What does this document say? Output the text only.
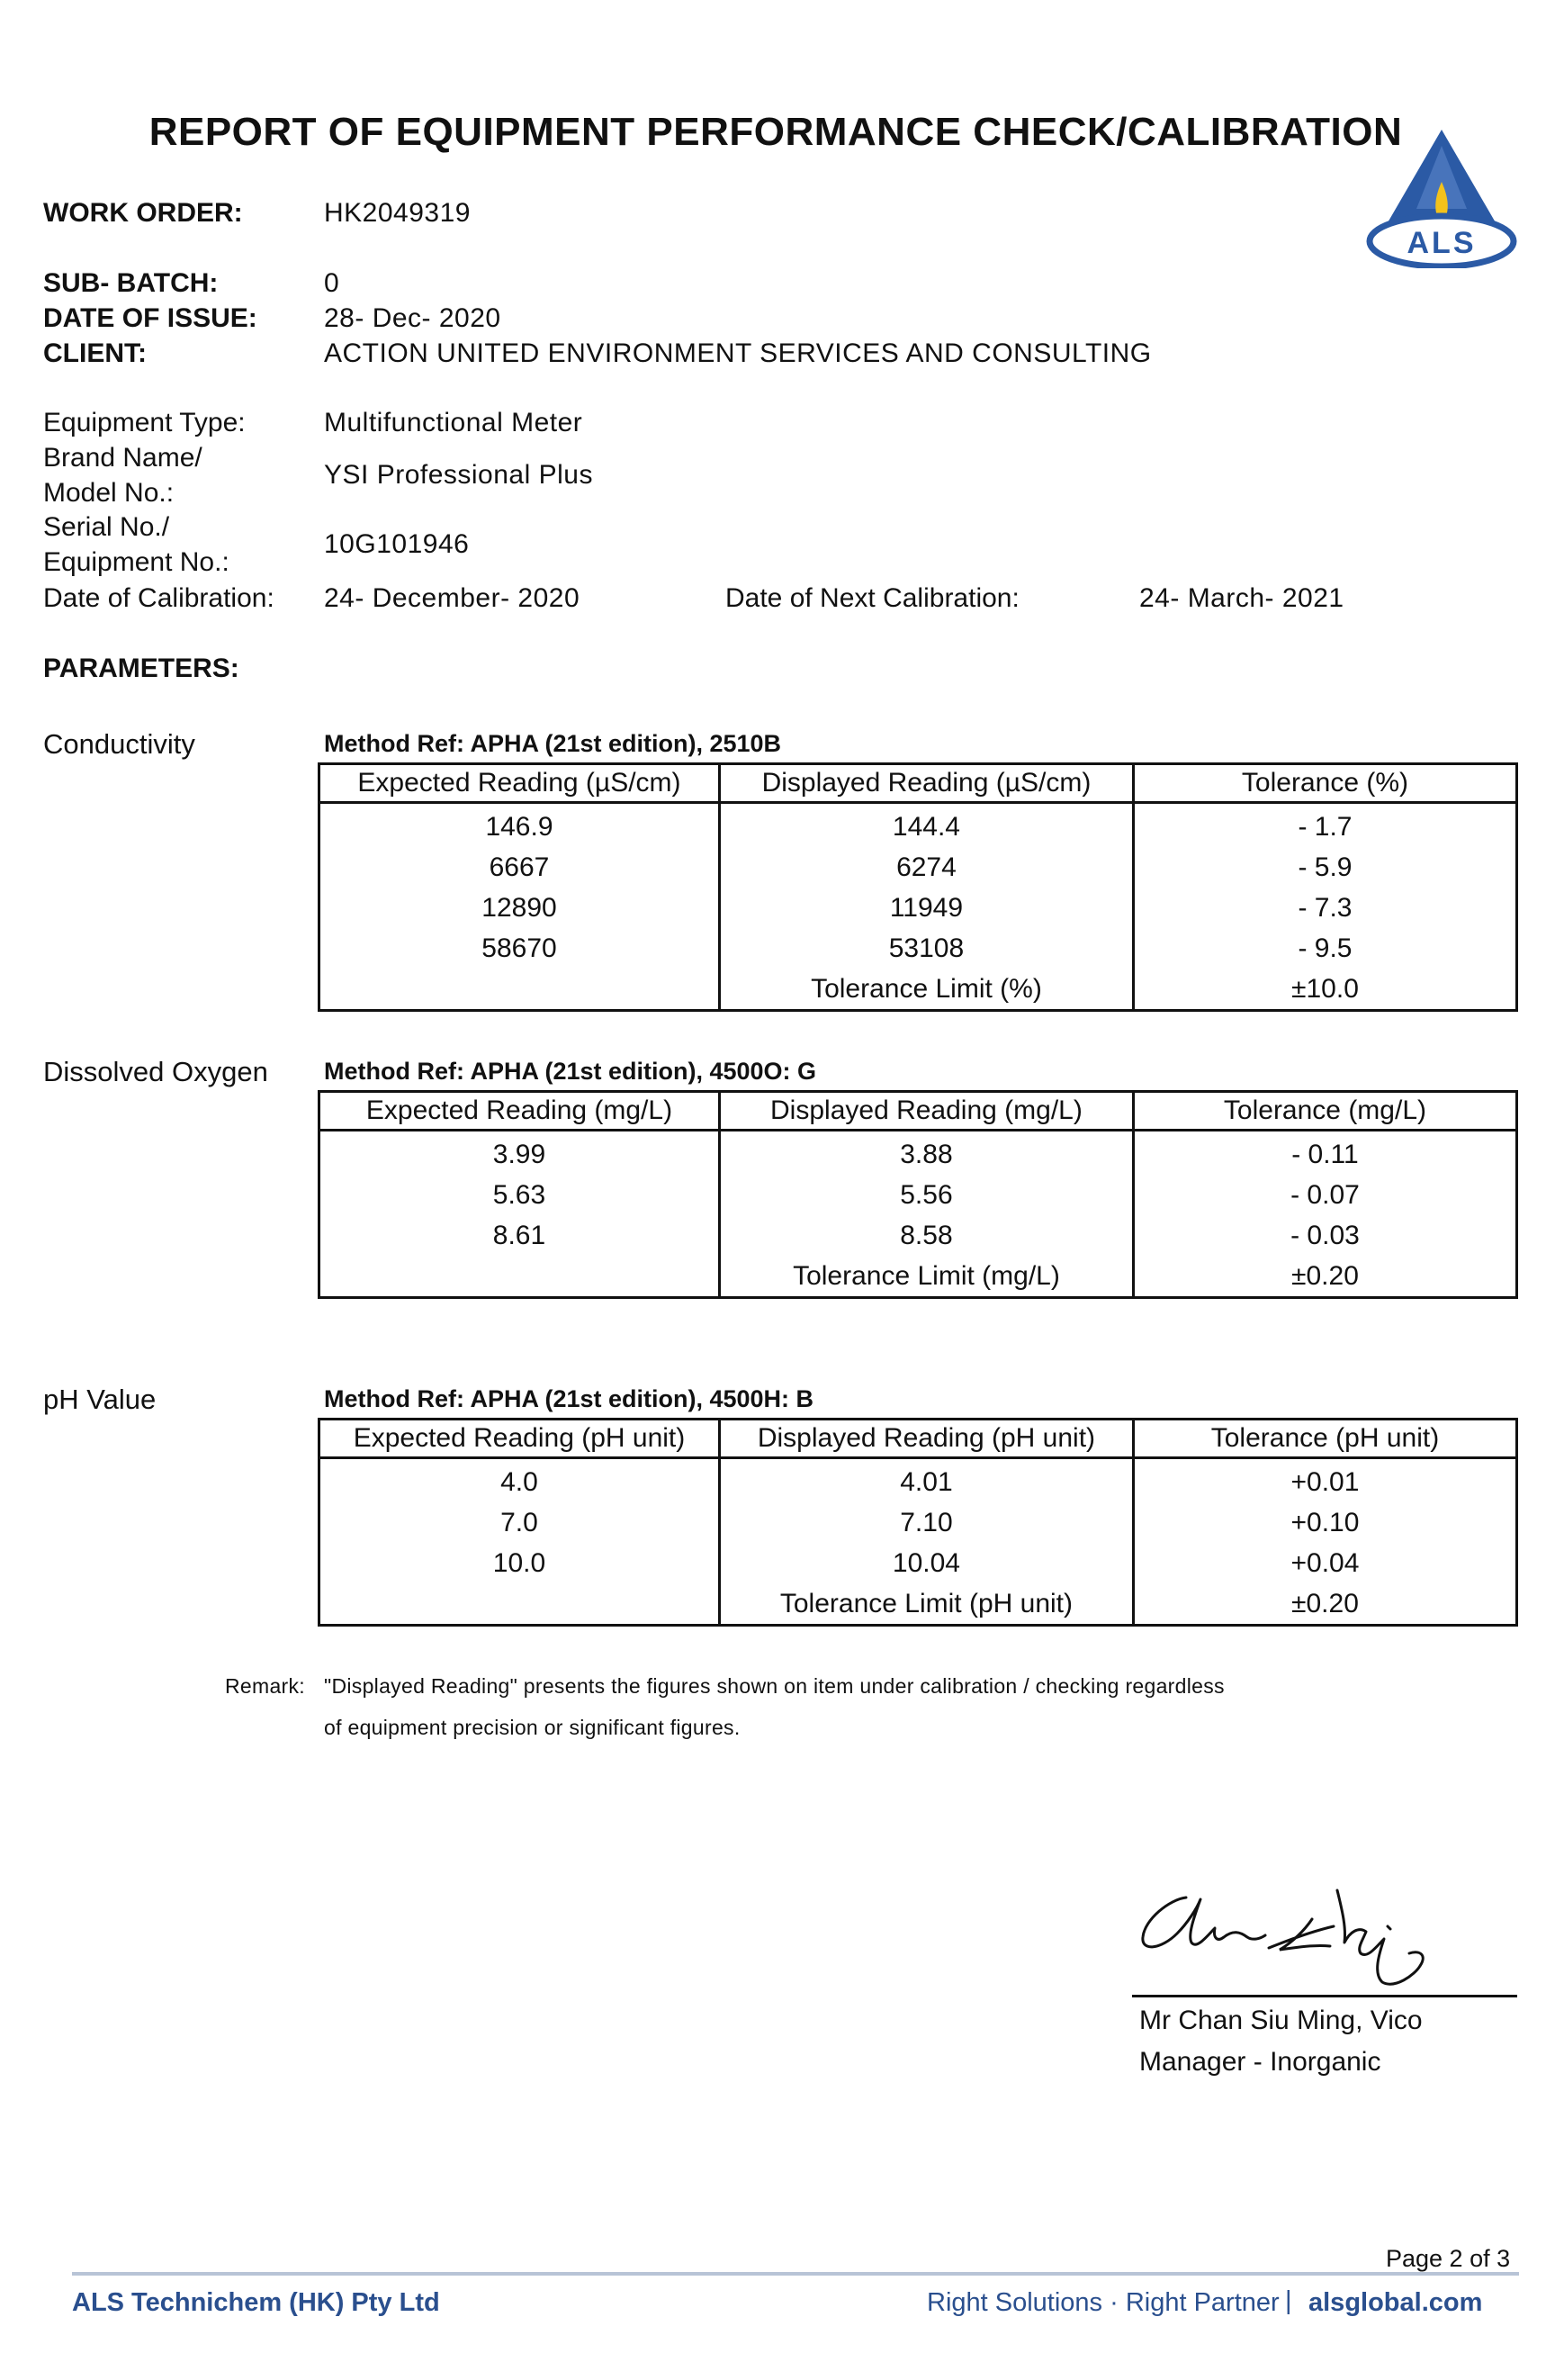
REPORT OF EQUIPMENT PERFORMANCE CHECK/CALIBRATION
ALS
WORK ORDER:	HK2049319
SUB- BATCH:	0
DATE OF ISSUE: 28- Dec- 2020
CLIENT:	ACTION UNITED ENVIRONMENT SERVICES AND CONSULTING
Equipment Type:	Multifunctional Meter
Brand Name/
Model No.:
YSI Professional Plus
Serial No./
Equipment No.:
10G101946
Date of Calibration: 24- December- 2020	Date of Next Calibration:	24- March- 2021
PARAMETERS:
Conductivity	Method Ref: APHA (21st edition), 2510B
Expected Reading (µS/cm)	Displayed Reading (µS/cm)	Tolerance (%)
146.9	144.4	- 1.7
6667	6274	- 5.9
12890	11949	- 7.3
58670	53108	- 9.5
	Tolerance Limit (%)	±10.0
Dissolved Oxygen Method Ref: APHA (21st edition), 4500O: G
Expected Reading (mg/L)	Displayed Reading (mg/L)	Tolerance (mg/L)
3.99	3.88	- 0.11
5.63	5.56	- 0.07
8.61	8.58	- 0.03
	Tolerance Limit (mg/L)	±0.20
pH Value	Method Ref: APHA (21st edition), 4500H: B
Expected Reading (pH unit)	Displayed Reading (pH unit)	Tolerance (pH unit)
4.0	4.01	+0.01
7.0	7.10	+0.10
10.0	10.04	+0.04
	Tolerance Limit (pH unit)	±0.20
Remark: "Displayed Reading" presents the figures shown on item under calibration / checking regardless
of equipment precision or significant figures.
Mr Chan Siu Ming, Vico
Manager - Inorganic
Page 2 of 3
ALS Technichem (HK) Pty Ltd	Right Solutions · Right Partner | alsglobal.com
